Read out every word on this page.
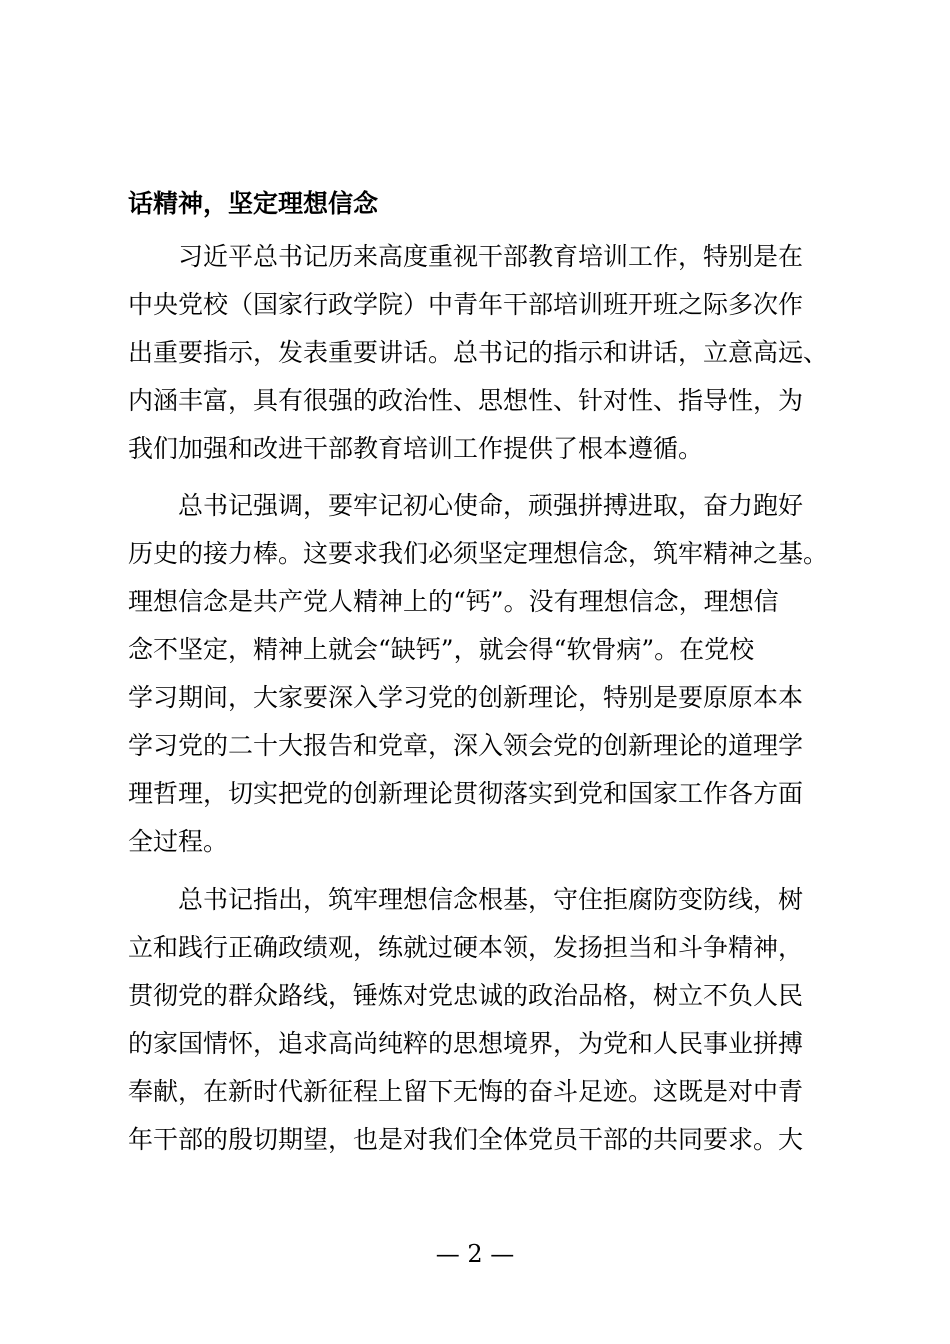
话精神，坚定理想信念
习近平总书记历来高度重视干部教育培训工作，特别是在
中央党校（国家行政学院）中青年干部培训班开班之际多次作
出重要指示，发表重要讲话。总书记的指示和讲话，立意高远、
内涵丰富，具有很强的政治性、思想性、针对性、指导性，为
我们加强和改进干部教育培训工作提供了根本遵循。
总书记强调，要牢记初心使命，顽强拼搏进取，奋力跑好
历史的接力棒。这要求我们必须坚定理想信念，筑牢精神之基。
理想信念是共产党人精神上的“钙”。没有理想信念，理想信
念不坚定，精神上就会“缺钙”，就会得“软骨病”。在党校
学习期间，大家要深入学习党的创新理论，特别是要原原本本
学习党的二十大报告和党章，深入领会党的创新理论的道理学
理哲理，切实把党的创新理论贯彻落实到党和国家工作各方面
全过程。
总书记指出，筑牢理想信念根基，守住拒腐防变防线，树
立和践行正确政绩观，练就过硬本领，发扬担当和斗争精神，
贯彻党的群众路线，锤炼对党忠诚的政治品格，树立不负人民
的家国情怀，追求高尚纯粹的思想境界，为党和人民事业拼搏
奉献，在新时代新征程上留下无悔的奋斗足迹。这既是对中青
年干部的殷切期望，也是对我们全体党员干部的共同要求。大
— 2 —
